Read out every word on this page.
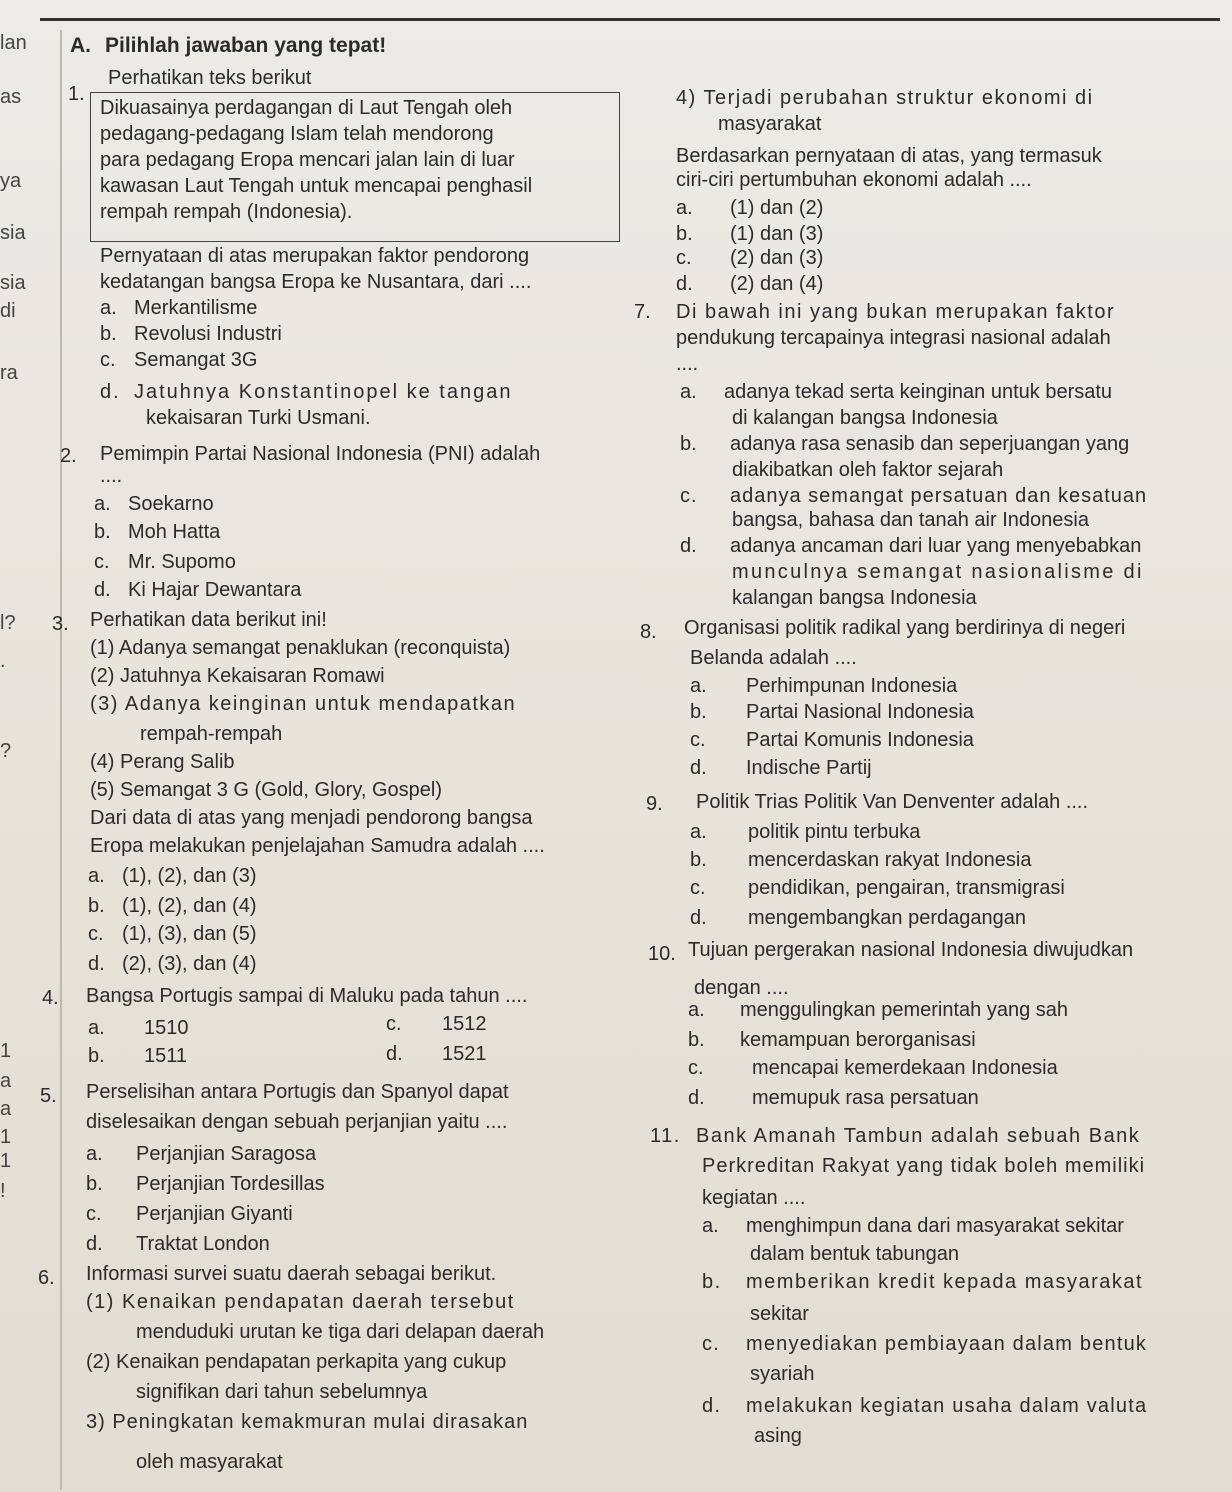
lan
as
ya
sia
sia
di
ra
l?
.
?
1
a
a
1
1
!
A. Pilihlah jawaban yang tepat!
1.
Perhatikan teks berikut
Dikuasainya perdagangan di Laut Tengah oleh
pedagang-pedagang Islam telah mendorong
para pedagang Eropa mencari jalan lain di luar
kawasan Laut Tengah untuk mencapai penghasil
rempah rempah (Indonesia).
Pernyataan di atas merupakan faktor pendorong
kedatangan bangsa Eropa ke Nusantara, dari ....
a. Merkantilisme
b. Revolusi Industri
c. Semangat 3G
d. Jatuhnya Konstantinopel ke tangan
kekaisaran Turki Usmani.
2. Pemimpin Partai Nasional Indonesia (PNI) adalah
....
a. Soekarno
b. Moh Hatta
c. Mr. Supomo
d. Ki Hajar Dewantara
3. Perhatikan data berikut ini!
(1) Adanya semangat penaklukan (reconquista)
(2) Jatuhnya Kekaisaran Romawi
(3) Adanya keinginan untuk mendapatkan
rempah-rempah
(4) Perang Salib
(5) Semangat 3 G (Gold, Glory, Gospel)
Dari data di atas yang menjadi pendorong bangsa
Eropa melakukan penjelajahan Samudra adalah ....
a. (1), (2), dan (3)
b. (1), (2), dan (4)
c. (1), (3), dan (5)
d. (2), (3), dan (4)
4. Bangsa Portugis sampai di Maluku pada tahun ....
a. 1510
b. 1511
c. 1512
d. 1521
5. Perselisihan antara Portugis dan Spanyol dapat
diselesaikan dengan sebuah perjanjian yaitu ....
a. Perjanjian Saragosa
b. Perjanjian Tordesillas
c. Perjanjian Giyanti
d. Traktat London
6. Informasi survei suatu daerah sebagai berikut.
(1) Kenaikan pendapatan daerah tersebut
menduduki urutan ke tiga dari delapan daerah
(2) Kenaikan pendapatan perkapita yang cukup
signifikan dari tahun sebelumnya
3) Peningkatan kemakmuran mulai dirasakan
oleh masyarakat
4) Terjadi perubahan struktur ekonomi di
masyarakat
Berdasarkan pernyataan di atas, yang termasuk
ciri-ciri pertumbuhan ekonomi adalah ....
a. (1) dan (2)
b. (1) dan (3)
c. (2) dan (3)
d. (2) dan (4)
7. Di bawah ini yang bukan merupakan faktor
pendukung tercapainya integrasi nasional adalah
....
a. adanya tekad serta keinginan untuk bersatu
di kalangan bangsa Indonesia
b. adanya rasa senasib dan seperjuangan yang
diakibatkan oleh faktor sejarah
c. adanya semangat persatuan dan kesatuan
bangsa, bahasa dan tanah air Indonesia
d. adanya ancaman dari luar yang menyebabkan
munculnya semangat nasionalisme di
kalangan bangsa Indonesia
8. Organisasi politik radikal yang berdirinya di negeri
Belanda adalah ....
a. Perhimpunan Indonesia
b. Partai Nasional Indonesia
c. Partai Komunis Indonesia
d. Indische Partij
9. Politik Trias Politik Van Denventer adalah ....
a. politik pintu terbuka
b. mencerdaskan rakyat Indonesia
c. pendidikan, pengairan, transmigrasi
d. mengembangkan perdagangan
10. Tujuan pergerakan nasional Indonesia diwujudkan
dengan ....
a. menggulingkan pemerintah yang sah
b. kemampuan berorganisasi
c. mencapai kemerdekaan Indonesia
d. memupuk rasa persatuan
11. Bank Amanah Tambun adalah sebuah Bank
Perkreditan Rakyat yang tidak boleh memiliki
kegiatan ....
a. menghimpun dana dari masyarakat sekitar
dalam bentuk tabungan
b. memberikan kredit kepada masyarakat
sekitar
c. menyediakan pembiayaan dalam bentuk
syariah
d. melakukan kegiatan usaha dalam valuta
asing
